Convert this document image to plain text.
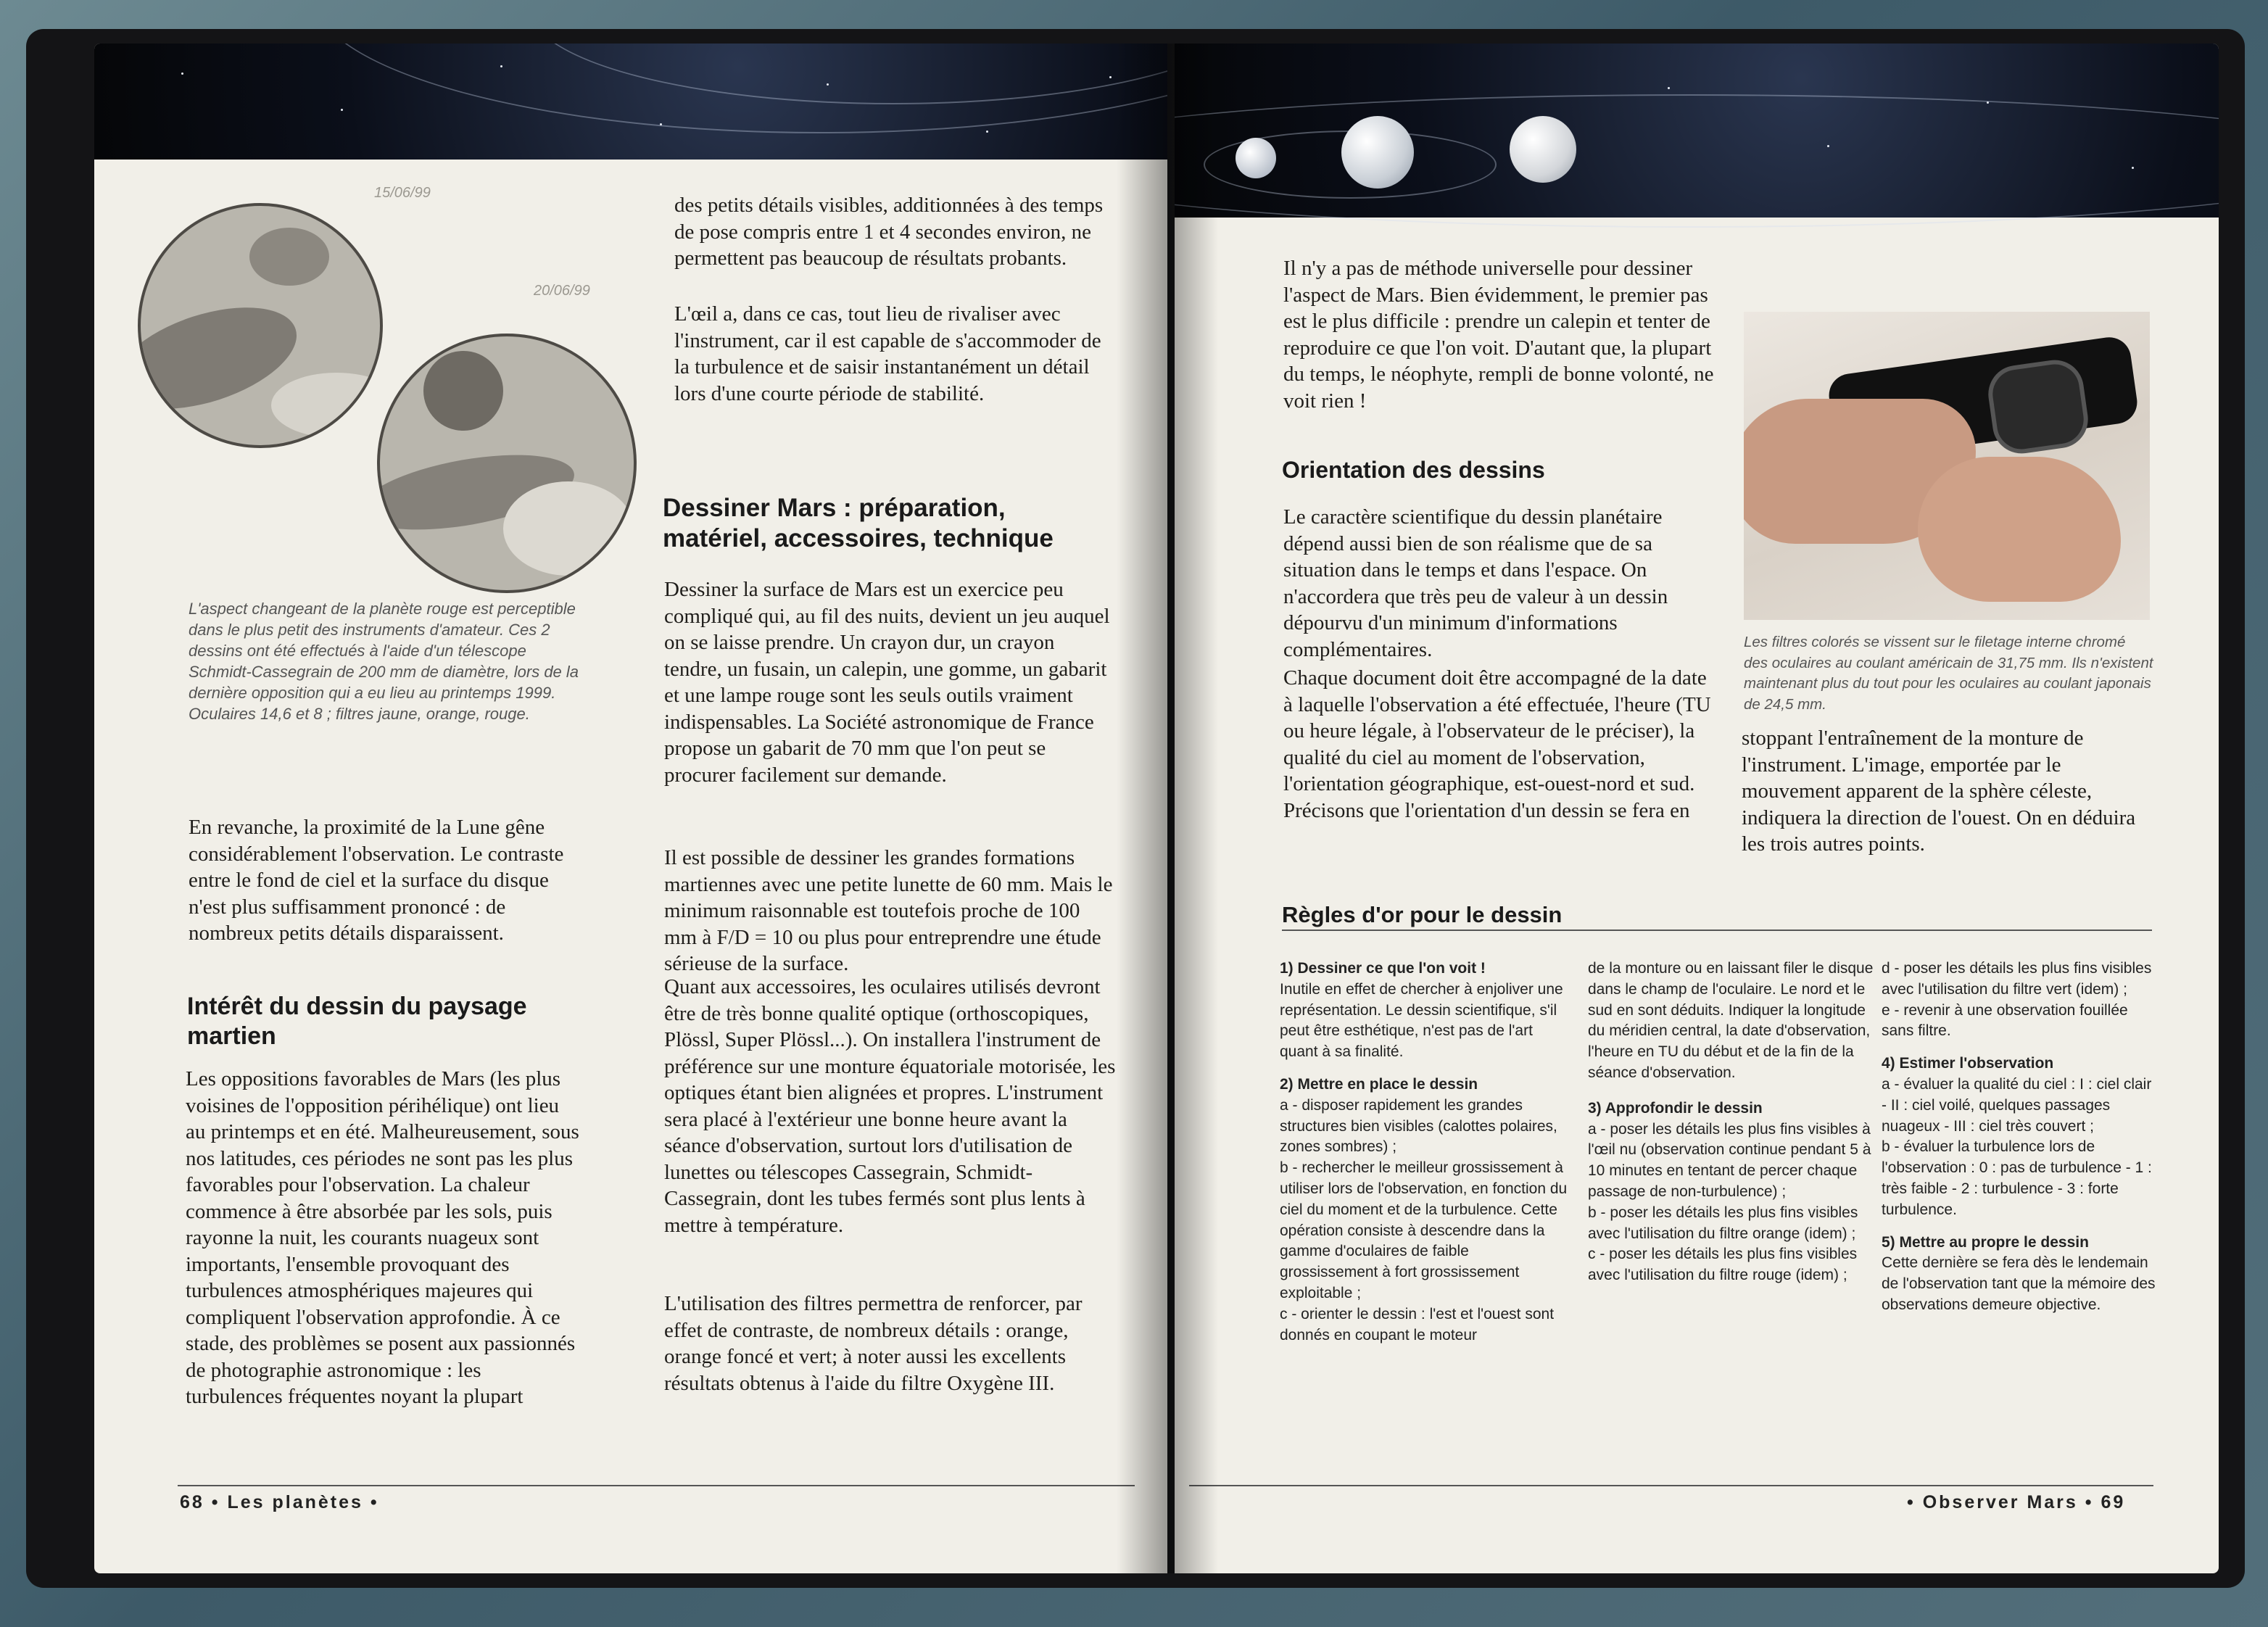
15/06/99
20/06/99
L'aspect changeant de la planète rouge est perceptible dans le plus petit des instruments d'amateur. Ces 2 dessins ont été effectués à l'aide d'un télescope Schmidt-Cassegrain de 200 mm de diamètre, lors de la dernière opposition qui a eu lieu au printemps 1999. Oculaires 14,6 et 8 ; filtres jaune, orange, rouge.
En revanche, la proximité de la Lune gêne considérablement l'observation. Le contraste entre le fond de ciel et la surface du disque n'est plus suffisamment prononcé : de nombreux petits détails disparaissent.
Intérêt du dessin du paysage martien
Les oppositions favorables de Mars (les plus voisines de l'opposition périhélique) ont lieu au printemps et en été. Malheureusement, sous nos latitudes, ces périodes ne sont pas les plus favorables pour l'observation. La chaleur commence à être absorbée par les sols, puis rayonne la nuit, les courants nuageux sont importants, l'ensemble provoquant des turbulences atmosphériques majeures qui compliquent l'observation approfondie. À ce stade, des problèmes se posent aux passionnés de photographie astronomique : les turbulences fréquentes noyant la plupart
des petits détails visibles, additionnées à des temps de pose compris entre 1 et 4 secondes environ, ne permettent pas beaucoup de résultats probants.
L'œil a, dans ce cas, tout lieu de rivaliser avec l'instrument, car il est capable de s'accommoder de la turbulence et de saisir instantanément un détail lors d'une courte période de stabilité.
Dessiner Mars : préparation, matériel, accessoires, technique
Dessiner la surface de Mars est un exercice peu compliqué qui, au fil des nuits, devient un jeu auquel on se laisse prendre. Un crayon dur, un crayon tendre, un fusain, un calepin, une gomme, un gabarit et une lampe rouge sont les seuls outils vraiment indispensables. La Société astronomique de France propose un gabarit de 70 mm que l'on peut se procurer facilement sur demande.
Il est possible de dessiner les grandes formations martiennes avec une petite lunette de 60 mm. Mais le minimum raisonnable est toutefois proche de 100 mm à F/D = 10 ou plus pour entreprendre une étude sérieuse de la surface.
Quant aux accessoires, les oculaires utilisés devront être de très bonne qualité optique (orthoscopiques, Plössl, Super Plössl...). On installera l'instrument de préférence sur une monture équatoriale motorisée, les optiques étant bien alignées et propres. L'instrument sera placé à l'extérieur une bonne heure avant la séance d'observation, surtout lors d'utilisation de lunettes ou télescopes Cassegrain, Schmidt-Cassegrain, dont les tubes fermés sont plus lents à mettre à température.
L'utilisation des filtres permettra de renforcer, par effet de contraste, de nombreux détails : orange, orange foncé et vert; à noter aussi les excellents résultats obtenus à l'aide du filtre Oxygène III.
68 • Les planètes •
Il n'y a pas de méthode universelle pour dessiner l'aspect de Mars. Bien évidemment, le premier pas est le plus difficile : prendre un calepin et tenter de reproduire ce que l'on voit. D'autant que, la plupart du temps, le néophyte, rempli de bonne volonté, ne voit rien !
Les filtres colorés se vissent sur le filetage interne chromé des oculaires au coulant américain de 31,75 mm. Ils n'existent maintenant plus du tout pour les oculaires au coulant japonais de 24,5 mm.
Orientation des dessins
Le caractère scientifique du dessin planétaire dépend aussi bien de son réalisme que de sa situation dans le temps et dans l'espace. On n'accordera que très peu de valeur à un dessin dépourvu d'un minimum d'informations complémentaires.
Chaque document doit être accompagné de la date à laquelle l'observation a été effectuée, l'heure (TU ou heure légale, à l'observateur de le préciser), la qualité du ciel au moment de l'observation, l'orientation géographique, est-ouest-nord et sud. Précisons que l'orientation d'un dessin se fera en
stoppant l'entraînement de la monture de l'instrument. L'image, emportée par le mouvement apparent de la sphère céleste, indiquera la direction de l'ouest. On en déduira les trois autres points.
Règles d'or pour le dessin

1) Dessiner ce que l'on voit !
Inutile en effet de chercher à enjoliver une représentation. Le dessin scientifique, s'il peut être esthétique, n'est pas de l'art quant à sa finalité.

2) Mettre en place le dessin
a - disposer rapidement les grandes structures bien visibles (calottes polaires, zones sombres) ;
b - rechercher le meilleur grossissement à utiliser lors de l'observation, en fonction du ciel du moment et de la turbulence. Cette opération consiste à descendre dans la gamme d'oculaires de faible grossissement à fort grossissement exploitable ;
c - orienter le dessin : l'est et l'ouest sont donnés en coupant le moteur

de la monture ou en laissant filer le disque dans le champ de l'oculaire. Le nord et le sud en sont déduits. Indiquer la longitude du méridien central, la date d'observation, l'heure en TU du début et de la fin de la séance d'observation.

3) Approfondir le dessin
a - poser les détails les plus fins visibles à l'œil nu (observation continue pendant 5 à 10 minutes en tentant de percer chaque passage de non-turbulence) ;
b - poser les détails les plus fins visibles avec l'utilisation du filtre orange (idem) ;
c - poser les détails les plus fins visibles avec l'utilisation du filtre rouge (idem) ;

d - poser les détails les plus fins visibles avec l'utilisation du filtre vert (idem) ;
e - revenir à une observation fouillée sans filtre.

4) Estimer l'observation
a - évaluer la qualité du ciel : I : ciel clair - II : ciel voilé, quelques passages nuageux - III : ciel très couvert ;
b - évaluer la turbulence lors de l'observation : 0 : pas de turbulence - 1 : très faible - 2 : turbulence - 3 : forte turbulence.

5) Mettre au propre le dessin
Cette dernière se fera dès le lendemain de l'observation tant que la mémoire des observations demeure objective.

• Observer Mars • 69
